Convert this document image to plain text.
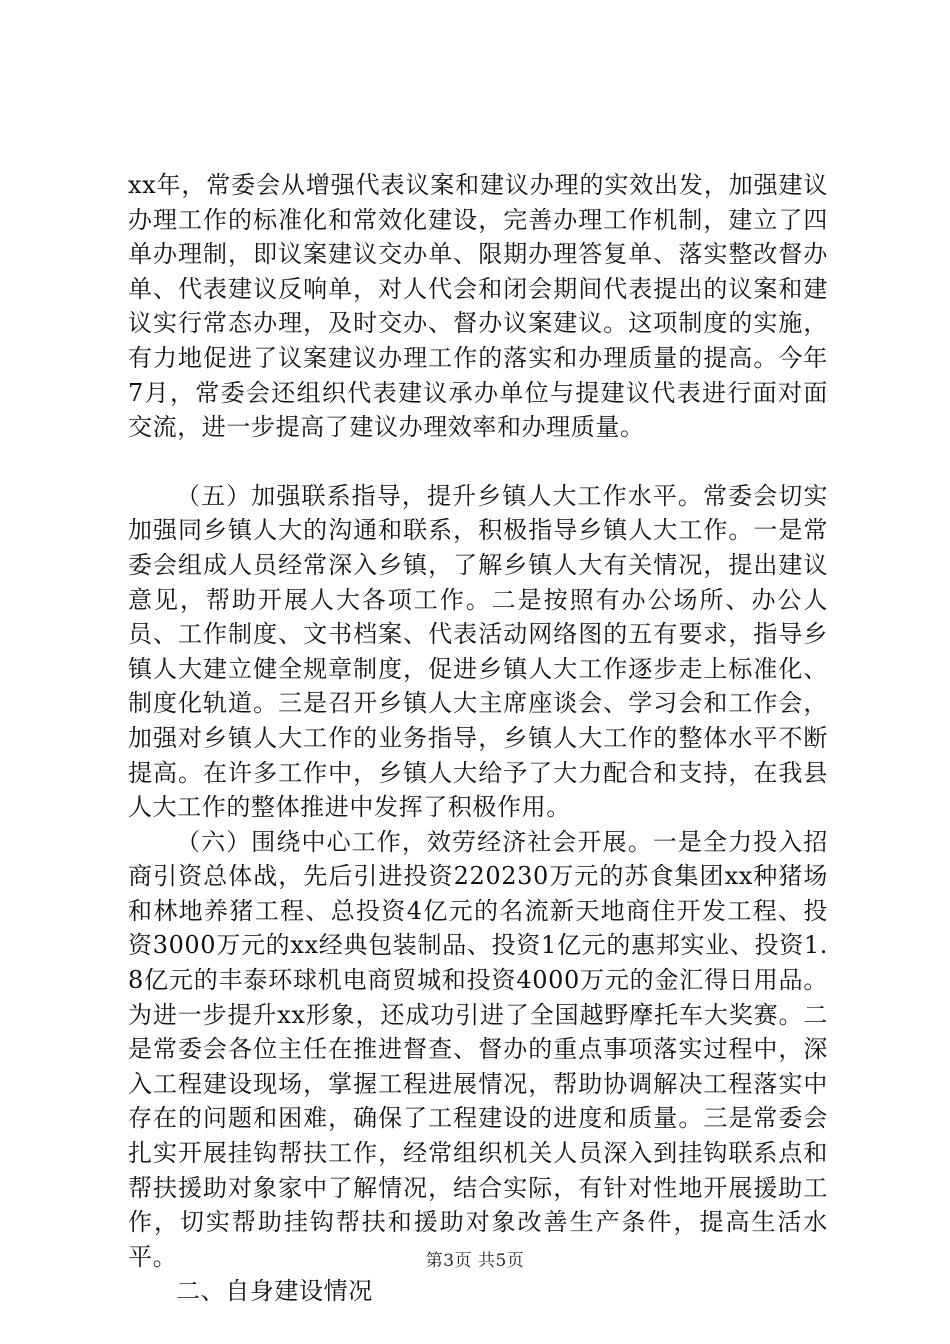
xx年，常委会从增强代表议案和建议办理的实效出发，加强建议办理工作的标准化和常效化建设，完善办理工作机制，建立了四单办理制，即议案建议交办单、限期办理答复单、落实整改督办单、代表建议反响单，对人代会和闭会期间代表提出的议案和建议实行常态办理，及时交办、督办议案建议。这项制度的实施，有力地促进了议案建议办理工作的落实和办理质量的提高。今年7月，常委会还组织代表建议承办单位与提建议代表进行面对面交流，进一步提高了建议办理效率和办理质量。

（五）加强联系指导，提升乡镇人大工作水平。常委会切实加强同乡镇人大的沟通和联系，积极指导乡镇人大工作。一是常委会组成人员经常深入乡镇，了解乡镇人大有关情况，提出建议意见，帮助开展人大各项工作。二是按照有办公场所、办公人员、工作制度、文书档案、代表活动网络图的五有要求，指导乡镇人大建立健全规章制度，促进乡镇人大工作逐步走上标准化、制度化轨道。三是召开乡镇人大主席座谈会、学习会和工作会，加强对乡镇人大工作的业务指导，乡镇人大工作的整体水平不断提高。在许多工作中，乡镇人大给予了大力配合和支持，在我县人大工作的整体推进中发挥了积极作用。

（六）围绕中心工作，效劳经济社会开展。一是全力投入招商引资总体战，先后引进投资220230万元的苏食集团xx种猪场和林地养猪工程、总投资4亿元的名流新天地商住开发工程、投资3000万元的xx经典包装制品、投资1亿元的惠邦实业、投资1.8亿元的丰泰环球机电商贸城和投资4000万元的金汇得日用品。为进一步提升xx形象，还成功引进了全国越野摩托车大奖赛。二是常委会各位主任在推进督查、督办的重点事项落实过程中，深入工程建设现场，掌握工程进展情况，帮助协调解决工程落实中存在的问题和困难，确保了工程建设的进度和质量。三是常委会扎实开展挂钩帮扶工作，经常组织机关人员深入到挂钩联系点和帮扶援助对象家中了解情况，结合实际，有针对性地开展援助工作，切实帮助挂钩帮扶和援助对象改善生产条件，提高生活水平。

二、自身建设情况

第3页 共5页
